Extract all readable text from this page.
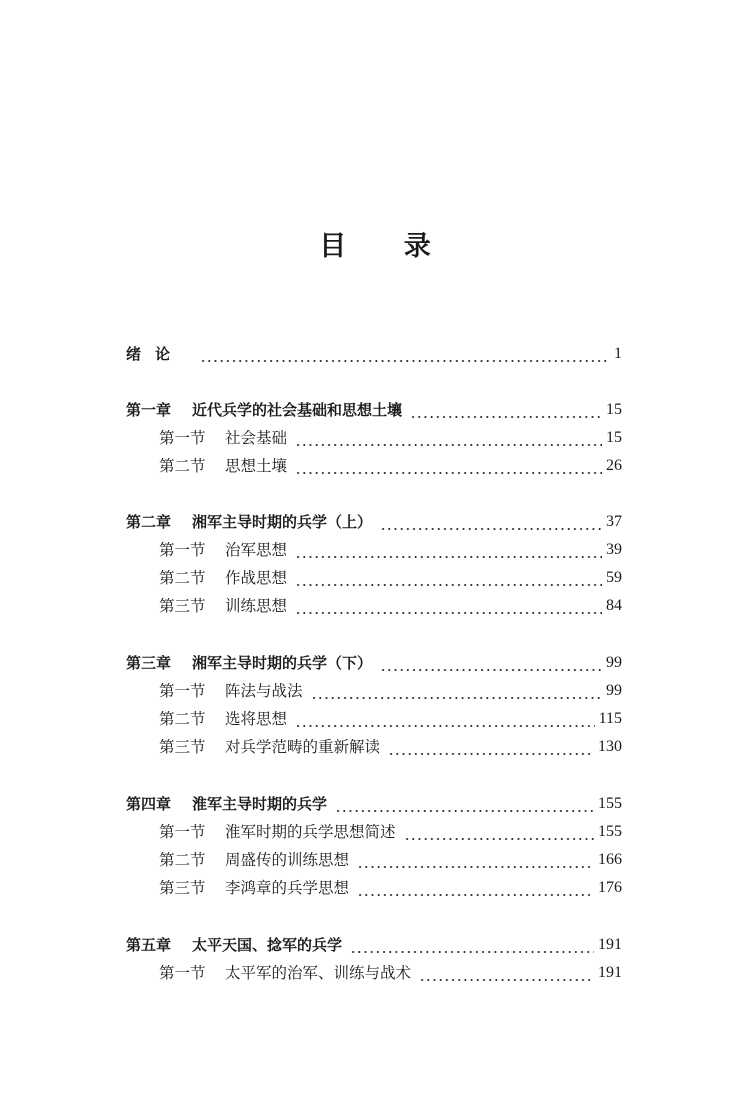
目 录
绪论	1
第一章	近代兵学的社会基础和思想土壤	15
第一节	社会基础	15
第二节	思想土壤	26
第二章	湘军主导时期的兵学（上）	37
第一节	治军思想	39
第二节	作战思想	59
第三节	训练思想	84
第三章	湘军主导时期的兵学（下）	99
第一节	阵法与战法	99
第二节	选将思想	115
第三节	对兵学范畴的重新解读	130
第四章	淮军主导时期的兵学	155
第一节	淮军时期的兵学思想简述	155
第二节	周盛传的训练思想	166
第三节	李鸿章的兵学思想	176
第五章	太平天国、捻军的兵学	191
第一节	太平军的治军、训练与战术	191
